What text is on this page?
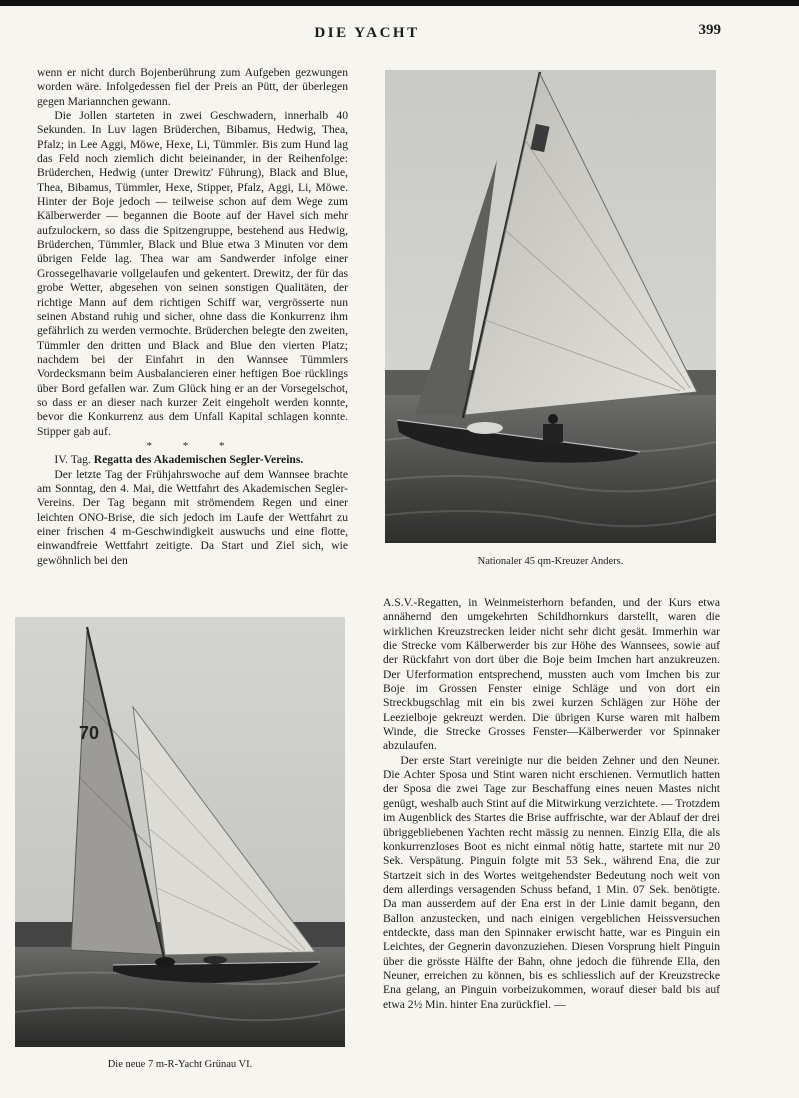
DIE YACHT	399

wenn er nicht durch Bojenberührung zum Aufgeben gezwungen worden wäre. Infolgedessen fiel der Preis an Pütt, der überlegen gegen Mariannchen gewann.

Die Jollen starteten in zwei Geschwadern, innerhalb 40 Sekunden. In Luv lagen Brüderchen, Bibamus, Hedwig, Thea, Pfalz; in Lee Aggi, Möwe, Hexe, Li, Tümmler. Bis zum Hund lag das Feld noch ziemlich dicht beieinander, in der Reihenfolge: Brüderchen, Hedwig (unter Drewitz' Führung), Black and Blue, Thea, Bibamus, Tümmler, Hexe, Stipper, Pfalz, Aggi, Li, Möwe. Hinter der Boje jedoch — teilweise schon auf dem Wege zum Kälberwerder — begannen die Boote auf der Havel sich mehr aufzulockern, so dass die Spitzengruppe, bestehend aus Hedwig, Brüderchen, Tümmler, Black und Blue etwa 3 Minuten vor dem übrigen Felde lag. Thea war am Sandwerder infolge einer Grossegelhavarie vollgelaufen und gekentert. Drewitz, der für das grobe Wetter, abgesehen von seinen sonstigen Qualitäten, der richtige Mann auf dem richtigen Schiff war, vergrösserte nun seinen Abstand ruhig und sicher, ohne dass die Konkurrenz ihm gefährlich zu werden vermochte. Brüderchen belegte den zweiten, Tümmler den dritten und Black and Blue den vierten Platz; nachdem bei der Einfahrt in den Wannsee Tümmlers Vordecksmann beim Ausbalancieren einer heftigen Boe rücklings über Bord gefallen war. Zum Glück hing er an der Vorsegelschot, so dass er an dieser nach kurzer Zeit eingeholt werden konnte, bevor die Konkurrenz aus dem Unfall Kapital schlagen konnte. Stipper gab auf.

* * *

IV. Tag. Regatta des Akademischen Segler-Vereins.

Der letzte Tag der Frühjahrswoche auf dem Wannsee brachte am Sonntag, den 4. Mai, die Wettfahrt des Akademischen Segler-Vereins. Der Tag begann mit strömendem Regen und einer leichten ONO-Brise, die sich jedoch im Laufe der Wettfahrt zu einer frischen 4 m-Geschwindigkeit auswuchs und eine flotte, einwandfreie Wettfahrt zeitigte. Da Start und Ziel sich, wie gewöhnlich bei den	Nationaler 45 qm-Kreuzer Anders.
70
Die neue 7 m-R-Yacht Grünau VI.

A.S.V.-Regatten, in Weinmeisterhorn befanden, und der Kurs etwa annähernd den umgekehrten Schildhornkurs darstellt, waren die wirklichen Kreuzstrecken leider nicht sehr dicht gesät. Immerhin war die Strecke vom Kälberwerder bis zur Höhe des Wannsees, sowie auf der Rückfahrt von dort über die Boje beim Imchen hart anzukreuzen. Der Uferformation entsprechend, mussten auch vom Imchen bis zur Boje im Grossen Fenster einige Schläge und von dort ein Streckbugschlag mit ein bis zwei kurzen Schlägen zur Höhe der Leezielboje gekreuzt werden. Die übrigen Kurse waren mit halbem Winde, die Strecke Grosses Fenster—Kälberwerder vor Spinnaker abzulaufen.

Der erste Start vereinigte nur die beiden Zehner und den Neuner. Die Achter Sposa und Stint waren nicht erschienen. Vermutlich hatten der Sposa die zwei Tage zur Beschaffung eines neuen Mastes nicht genügt, weshalb auch Stint auf die Mitwirkung verzichtete. — Trotzdem im Augenblick des Startes die Brise auffrischte, war der Ablauf der drei übriggebliebenen Yachten recht mässig zu nennen. Einzig Ella, die als konkurrenzloses Boot es nicht einmal nötig hatte, startete mit nur 20 Sek. Verspätung. Pinguin folgte mit 53 Sek., während Ena, die zur Startzeit sich in des Wortes weitgehendster Bedeutung noch weit von dem allerdings versagenden Schuss befand, 1 Min. 07 Sek. benötigte. Da man ausserdem auf der Ena erst in der Linie damit begann, den Ballon anzustecken, und nach einigen vergeblichen Heissversuchen entdeckte, dass man den Spinnaker erwischt hatte, war es Pinguin ein Leichtes, der Gegnerin davonzuziehen. Diesen Vorsprung hielt Pinguin über die grösste Hälfte der Bahn, ohne jedoch die führende Ella, den Neuner, erreichen zu können, bis es schliesslich auf der Kreuzstrecke Ena gelang, an Pinguin vorbeizukommen, worauf dieser bald bis auf etwa 2½ Min. hinter Ena zurückfiel. —
